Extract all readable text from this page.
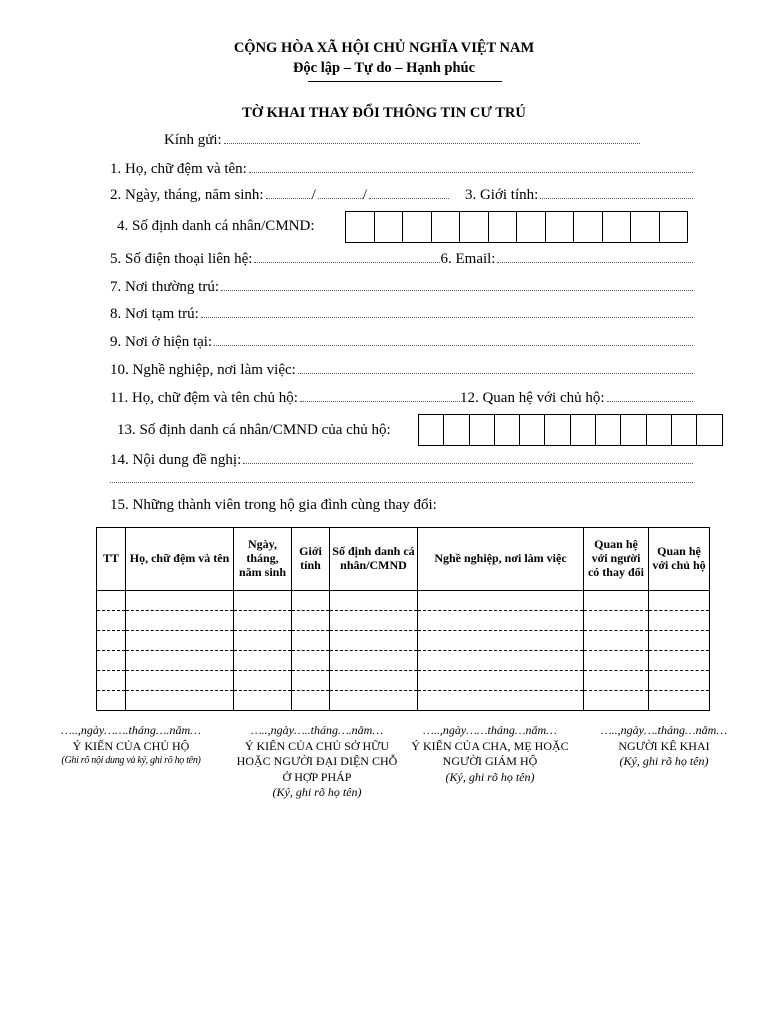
CỘNG HÒA XÃ HỘI CHỦ NGHĨA VIỆT NAM
Độc lập – Tự do – Hạnh phúc
TỜ KHAI THAY ĐỔI THÔNG TIN CƯ TRÚ
Kính gửi:
1. Họ, chữ đệm và tên:
2. Ngày, tháng, năm sinh:	/	/	3. Giới tính:
4. Số định danh cá nhân/CMND:
5. Số điện thoại liên hệ:	6. Email:
7. Nơi thường trú:
8. Nơi tạm trú:
9. Nơi ở hiện tại:
10. Nghề nghiệp, nơi làm việc:
11. Họ, chữ đệm và tên chủ hộ:	12. Quan hệ với chủ hộ:
13. Số định danh cá nhân/CMND của chủ hộ:
14. Nội dung đề nghị:
15. Những thành viên trong hộ gia đình cùng thay đổi:
TT	Họ, chữ đệm và tên	Ngày, tháng, năm sinh	Giới tính	Số định danh cá nhân/CMND	Nghề nghiệp, nơi làm việc	Quan hệ với người có thay đổi	Quan hệ với chủ hộ

…..,ngày…….tháng….năm…
Ý KIẾN CỦA CHỦ HỘ
(Ghi rõ nội dung và ký, ghi rõ họ tên)
…..,ngày…..tháng….năm…
Ý KIẾN CỦA CHỦ SỞ HỮU HOẶC NGƯỜI ĐẠI DIỆN CHỖ Ở HỢP PHÁP
(Ký, ghi rõ họ tên)
…..,ngày……tháng…năm…
Ý KIẾN CỦA CHA, MẸ HOẶC NGƯỜI GIÁM HỘ
(Ký, ghi rõ họ tên)
…..,ngày….tháng…năm…
NGƯỜI KÊ KHAI
(Ký, ghi rõ họ tên)
